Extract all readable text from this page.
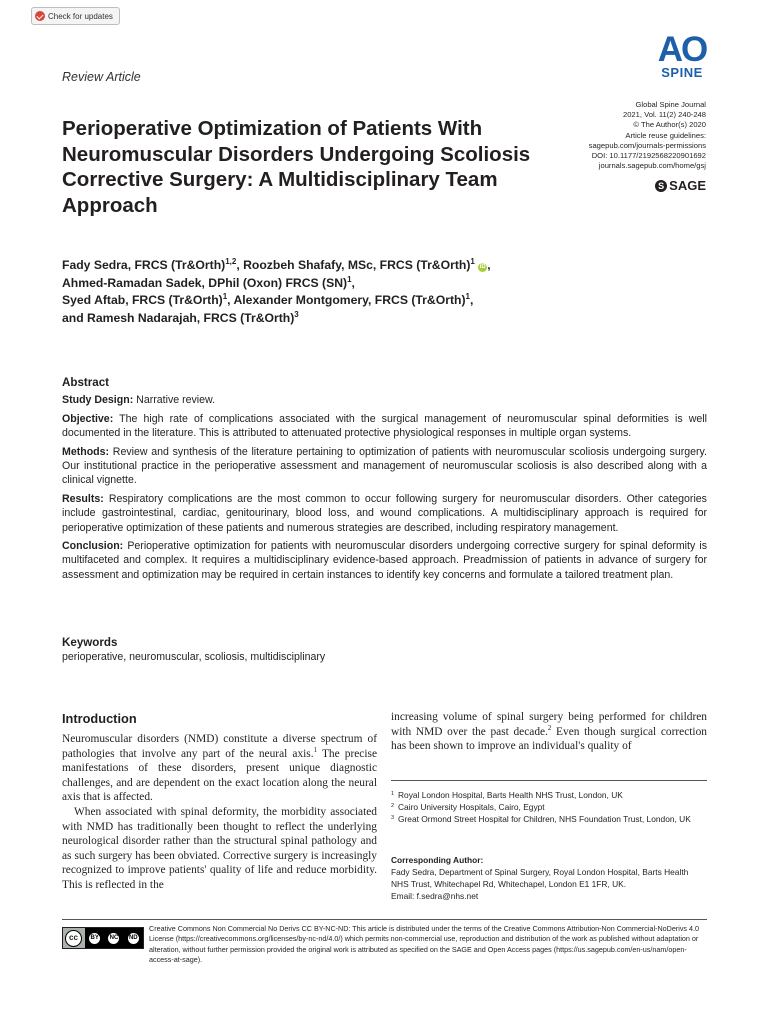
Check for updates
AO
SPINE
Review Article
Perioperative Optimization of Patients With Neuromuscular Disorders Undergoing Scoliosis Corrective Surgery: A Multidisciplinary Team Approach
Global Spine Journal
2021, Vol. 11(2) 240-248
© The Author(s) 2020
Article reuse guidelines:
sagepub.com/journals-permissions
DOI: 10.1177/2192568220901692
journals.sagepub.com/home/gsj
S SAGE
Fady Sedra, FRCS (Tr&Orth)$^{1,2}$, Roozbeh Shafafy, MSc, FRCS (Tr&Orth)$^1$ iD ,
Ahmed-Ramadan Sadek, DPhil (Oxon) FRCS (SN)$^1$,
Syed Aftab, FRCS (Tr&Orth)$^1$, Alexander Montgomery, FRCS (Tr&Orth)$^1$,
and Ramesh Nadarajah, FRCS (Tr&Orth)$^3$
Abstract

Study Design: Narrative review.

Objective: The high rate of complications associated with the surgical management of neuromuscular spinal deformities is well documented in the literature. This is attributed to attenuated protective physiological responses in multiple organ systems.

Methods: Review and synthesis of the literature pertaining to optimization of patients with neuromuscular scoliosis undergoing surgery. Our institutional practice in the perioperative assessment and management of neuromuscular scoliosis is also described along with a clinical vignette.

Results: Respiratory complications are the most common to occur following surgery for neuromuscular disorders. Other categories include gastrointestinal, cardiac, genitourinary, blood loss, and wound complications. A multidisciplinary approach is required for perioperative optimization of these patients and numerous strategies are described, including respiratory management.

Conclusion: Perioperative optimization for patients with neuromuscular disorders undergoing corrective surgery for spinal deformity is multifaceted and complex. It requires a multidisciplinary evidence-based approach. Preadmission of patients in advance of surgery for assessment and optimization may be required in certain instances to identify key concerns and formulate a tailored treatment plan.

Keywords
perioperative, neuromuscular, scoliosis, multidisciplinary
Introduction

Neuromuscular disorders (NMD) constitute a diverse spectrum of pathologies that involve any part of the neural axis.$^1$ The precise manifestations of these disorders, present unique diagnostic challenges, and are dependent on the exact location along the neural axis that is affected.

When associated with spinal deformity, the morbidity associated with NMD has traditionally been thought to reflect the underlying neurological disorder rather than the structural spinal pathology and as such surgery has been obviated. Corrective surgery is increasingly recognized to improve patients' quality of life and reduce morbidity. This is reflected in the

increasing volume of spinal surgery being performed for children with NMD over the past decade.$^2$ Even though surgical correction has been shown to improve an individual's quality of
1 Royal London Hospital, Barts Health NHS Trust, London, UK
2 Cairo University Hospitals, Cairo, Egypt
3 Great Ormond Street Hospital for Children, NHS Foundation Trust, London, UK
Corresponding Author:
Fady Sedra, Department of Spinal Surgery, Royal London Hospital, Barts Health NHS Trust, Whitechapel Rd, Whitechapel, London E1 1FR, UK.
Email: f.sedra@nhs.net
cc	BY NC ND
Creative Commons Non Commercial No Derivs CC BY-NC-ND: This article is distributed under the terms of the Creative Commons Attribution-Non Commercial-NoDerivs 4.0 License (https://creativecommons.org/licenses/by-nc-nd/4.0/) which permits non-commercial use, reproduction and distribution of the work as published without adaptation or alteration, without further permission provided the original work is attributed as specified on the SAGE and Open Access pages (https://us.sagepub.com/en-us/nam/open-access-at-sage).
